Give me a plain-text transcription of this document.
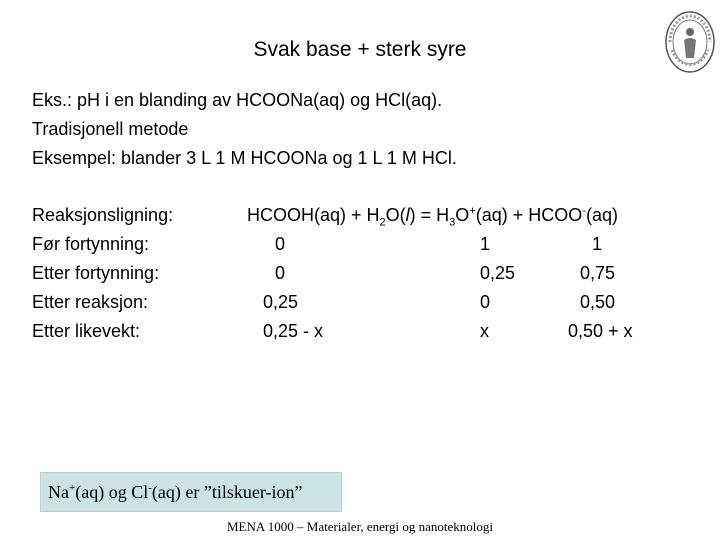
Svak base + sterk syre
Eks.: pH i en blanding av HCOONa(aq) og HCl(aq).
Tradisjonell metode
Eksempel: blander 3 L 1 M HCOONa og 1 L 1 M HCl.
Reaksjonsligning:
Før fortynning:
Etter fortynning:
Etter reaksjon:
Etter likevekt:
HCOOH(aq) + $H_2O(l) = H_3O^+(aq)$ + HCOO-(aq)
0
0
0,25
0,25 - x
1
0,25
0
x
1
0,75
0,50
0,50 + x
Na+(aq) og Cl-(aq) er ”tilskuer-ion”
MENA 1000 – Materialer, energi og nanoteknologi
